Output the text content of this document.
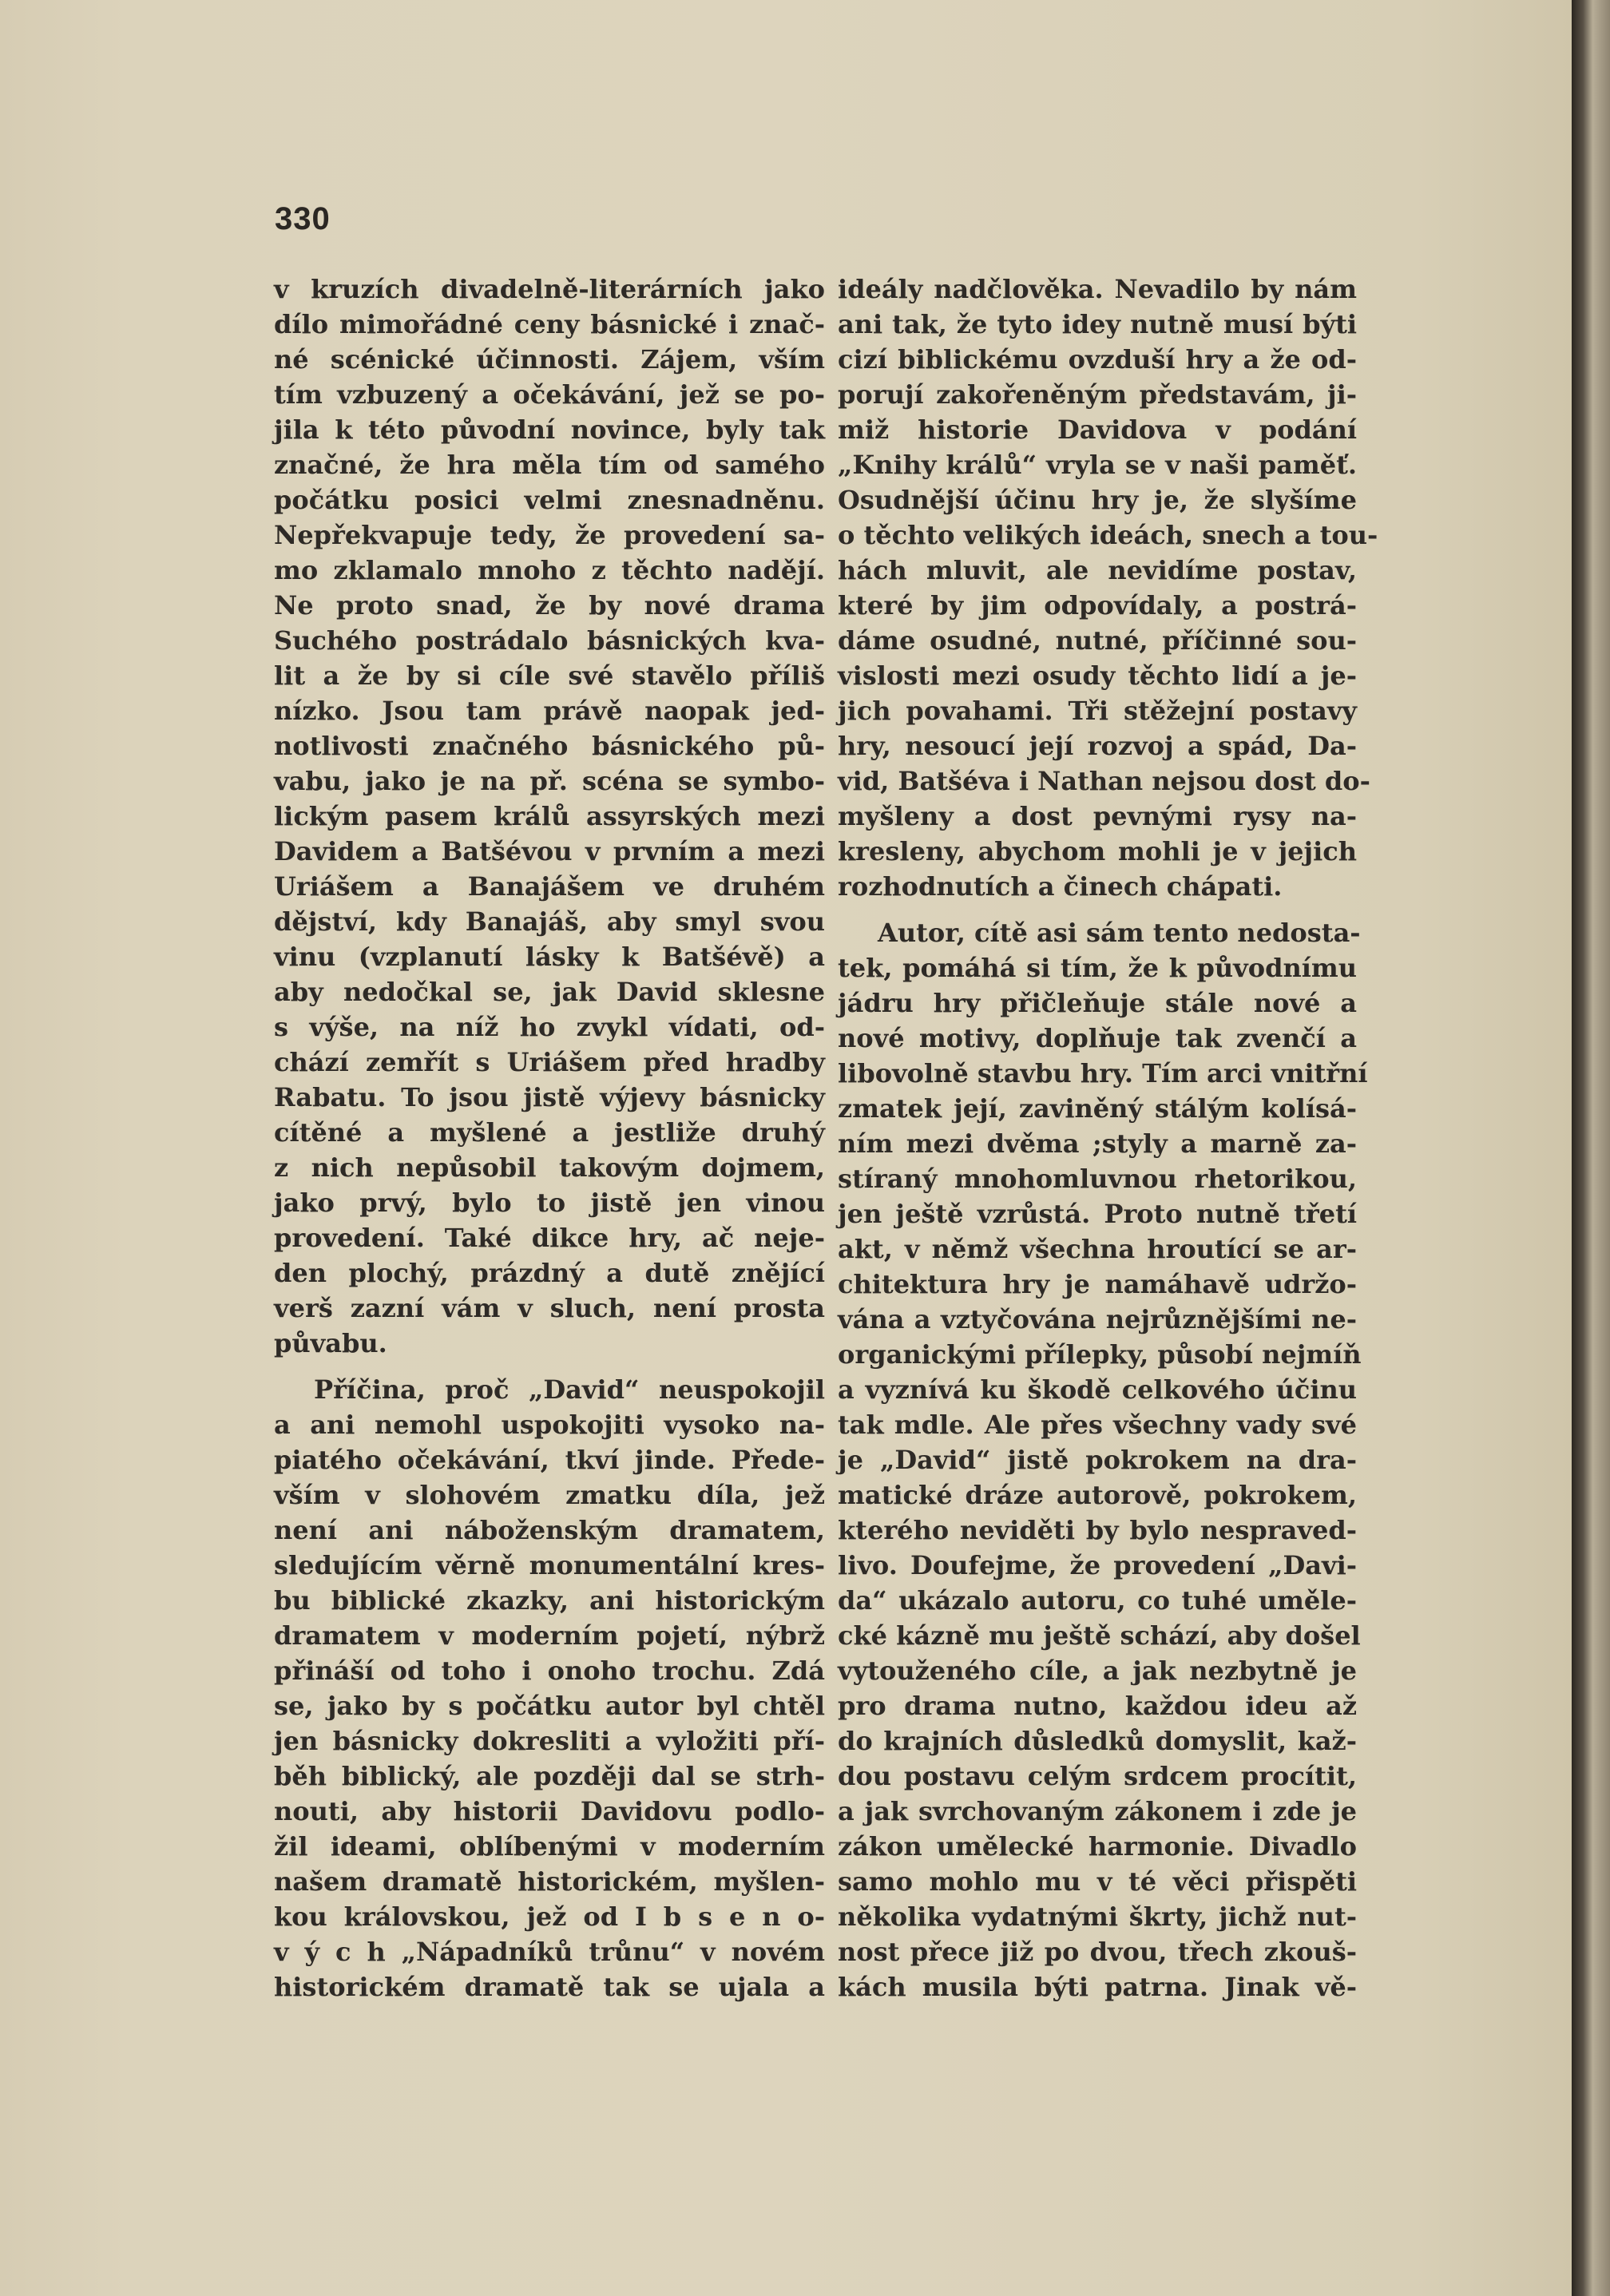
330
v kruzích divadelně-literárních jako
dílo mimořádné ceny básnické i znač-
né scénické účinnosti. Zájem, vším
tím vzbuzený a očekávání, jež se po-
jila k této původní novince, byly tak
značné, že hra měla tím od samého
počátku posici velmi znesnadněnu.
Nepřekvapuje tedy, že provedení sa-
mo zklamalo mnoho z těchto nadějí.
Ne proto snad, že by nové drama
Suchého postrádalo básnických kva-
lit a že by si cíle své stavělo příliš
nízko. Jsou tam právě naopak jed-
notlivosti značného básnického pů-
vabu, jako je na př. scéna se symbo-
lickým pasem králů assyrských mezi
Davidem a Batšévou v prvním a mezi
Uriášem a Banajášem ve druhém
dějství, kdy Banajáš, aby smyl svou
vinu (vzplanutí lásky k Batšévě) a
aby nedočkal se, jak David sklesne
s výše, na níž ho zvykl vídati, od-
chází zemřít s Uriášem před hradby
Rabatu. To jsou jistě výjevy básnicky
cítěné a myšlené a jestliže druhý
z nich nepůsobil takovým dojmem,
jako prvý, bylo to jistě jen vinou
provedení. Také dikce hry, ač neje-
den plochý, prázdný a dutě znějící
verš zazní vám v sluch, není prosta
půvabu.
Příčina, proč „David“ neuspokojil
a ani nemohl uspokojiti vysoko na-
piatého očekávání, tkví jinde. Přede-
vším v slohovém zmatku díla, jež
není ani náboženským dramatem,
sledujícím věrně monumentální kres-
bu biblické zkazky, ani historickým
dramatem v moderním pojetí, nýbrž
přináší od toho i onoho trochu. Zdá
se, jako by s počátku autor byl chtěl
jen básnicky dokresliti a vyložiti pří-
běh biblický, ale později dal se strh-
nouti, aby historii Davidovu podlo-
žil ideami, oblíbenými v moderním
našem dramatě historickém, myšlen-
kou královskou, jež od I b s e n o-
v ý c h „Nápadníků trůnu“ v novém
historickém dramatě tak se ujala a
ideály nadčlověka. Nevadilo by nám
ani tak, že tyto idey nutně musí býti
cizí biblickému ovzduší hry a že od-
porují zakořeněným představám, ji-
miž historie Davidova v podání
„Knihy králů“ vryla se v naši paměť.
Osudnější účinu hry je, že slyšíme
o těchto velikých ideách, snech a tou-
hách mluvit, ale nevidíme postav,
které by jim odpovídaly, a postrá-
dáme osudné, nutné, příčinné sou-
vislosti mezi osudy těchto lidí a je-
jich povahami. Tři stěžejní postavy
hry, nesoucí její rozvoj a spád, Da-
vid, Batšéva i Nathan nejsou dost do-
myšleny a dost pevnými rysy na-
kresleny, abychom mohli je v jejich
rozhodnutích a činech chápati.
Autor, cítě asi sám tento nedosta-
tek, pomáhá si tím, že k původnímu
jádru hry přičleňuje stále nové a
nové motivy, doplňuje tak zvenčí a
libovolně stavbu hry. Tím arci vnitřní
zmatek její, zaviněný stálým kolísá-
ním mezi dvěma ;styly a marně za-
stíraný mnohomluvnou rhetorikou,
jen ještě vzrůstá. Proto nutně třetí
akt, v němž všechna hroutící se ar-
chitektura hry je namáhavě udržo-
vána a vztyčována nejrůznějšími ne-
organickými přílepky, působí nejmíň
a vyznívá ku škodě celkového účinu
tak mdle. Ale přes všechny vady své
je „David“ jistě pokrokem na dra-
matické dráze autorově, pokrokem,
kterého neviděti by bylo nespraved-
livo. Doufejme, že provedení „Davi-
da“ ukázalo autoru, co tuhé uměle-
cké kázně mu ještě schází, aby došel
vytouženého cíle, a jak nezbytně je
pro drama nutno, každou ideu až
do krajních důsledků domyslit, kaž-
dou postavu celým srdcem procítit,
a jak svrchovaným zákonem i zde je
zákon umělecké harmonie. Divadlo
samo mohlo mu v té věci přispěti
několika vydatnými škrty, jichž nut-
nost přece již po dvou, třech zkouš-
kách musila býti patrna. Jinak vě-
